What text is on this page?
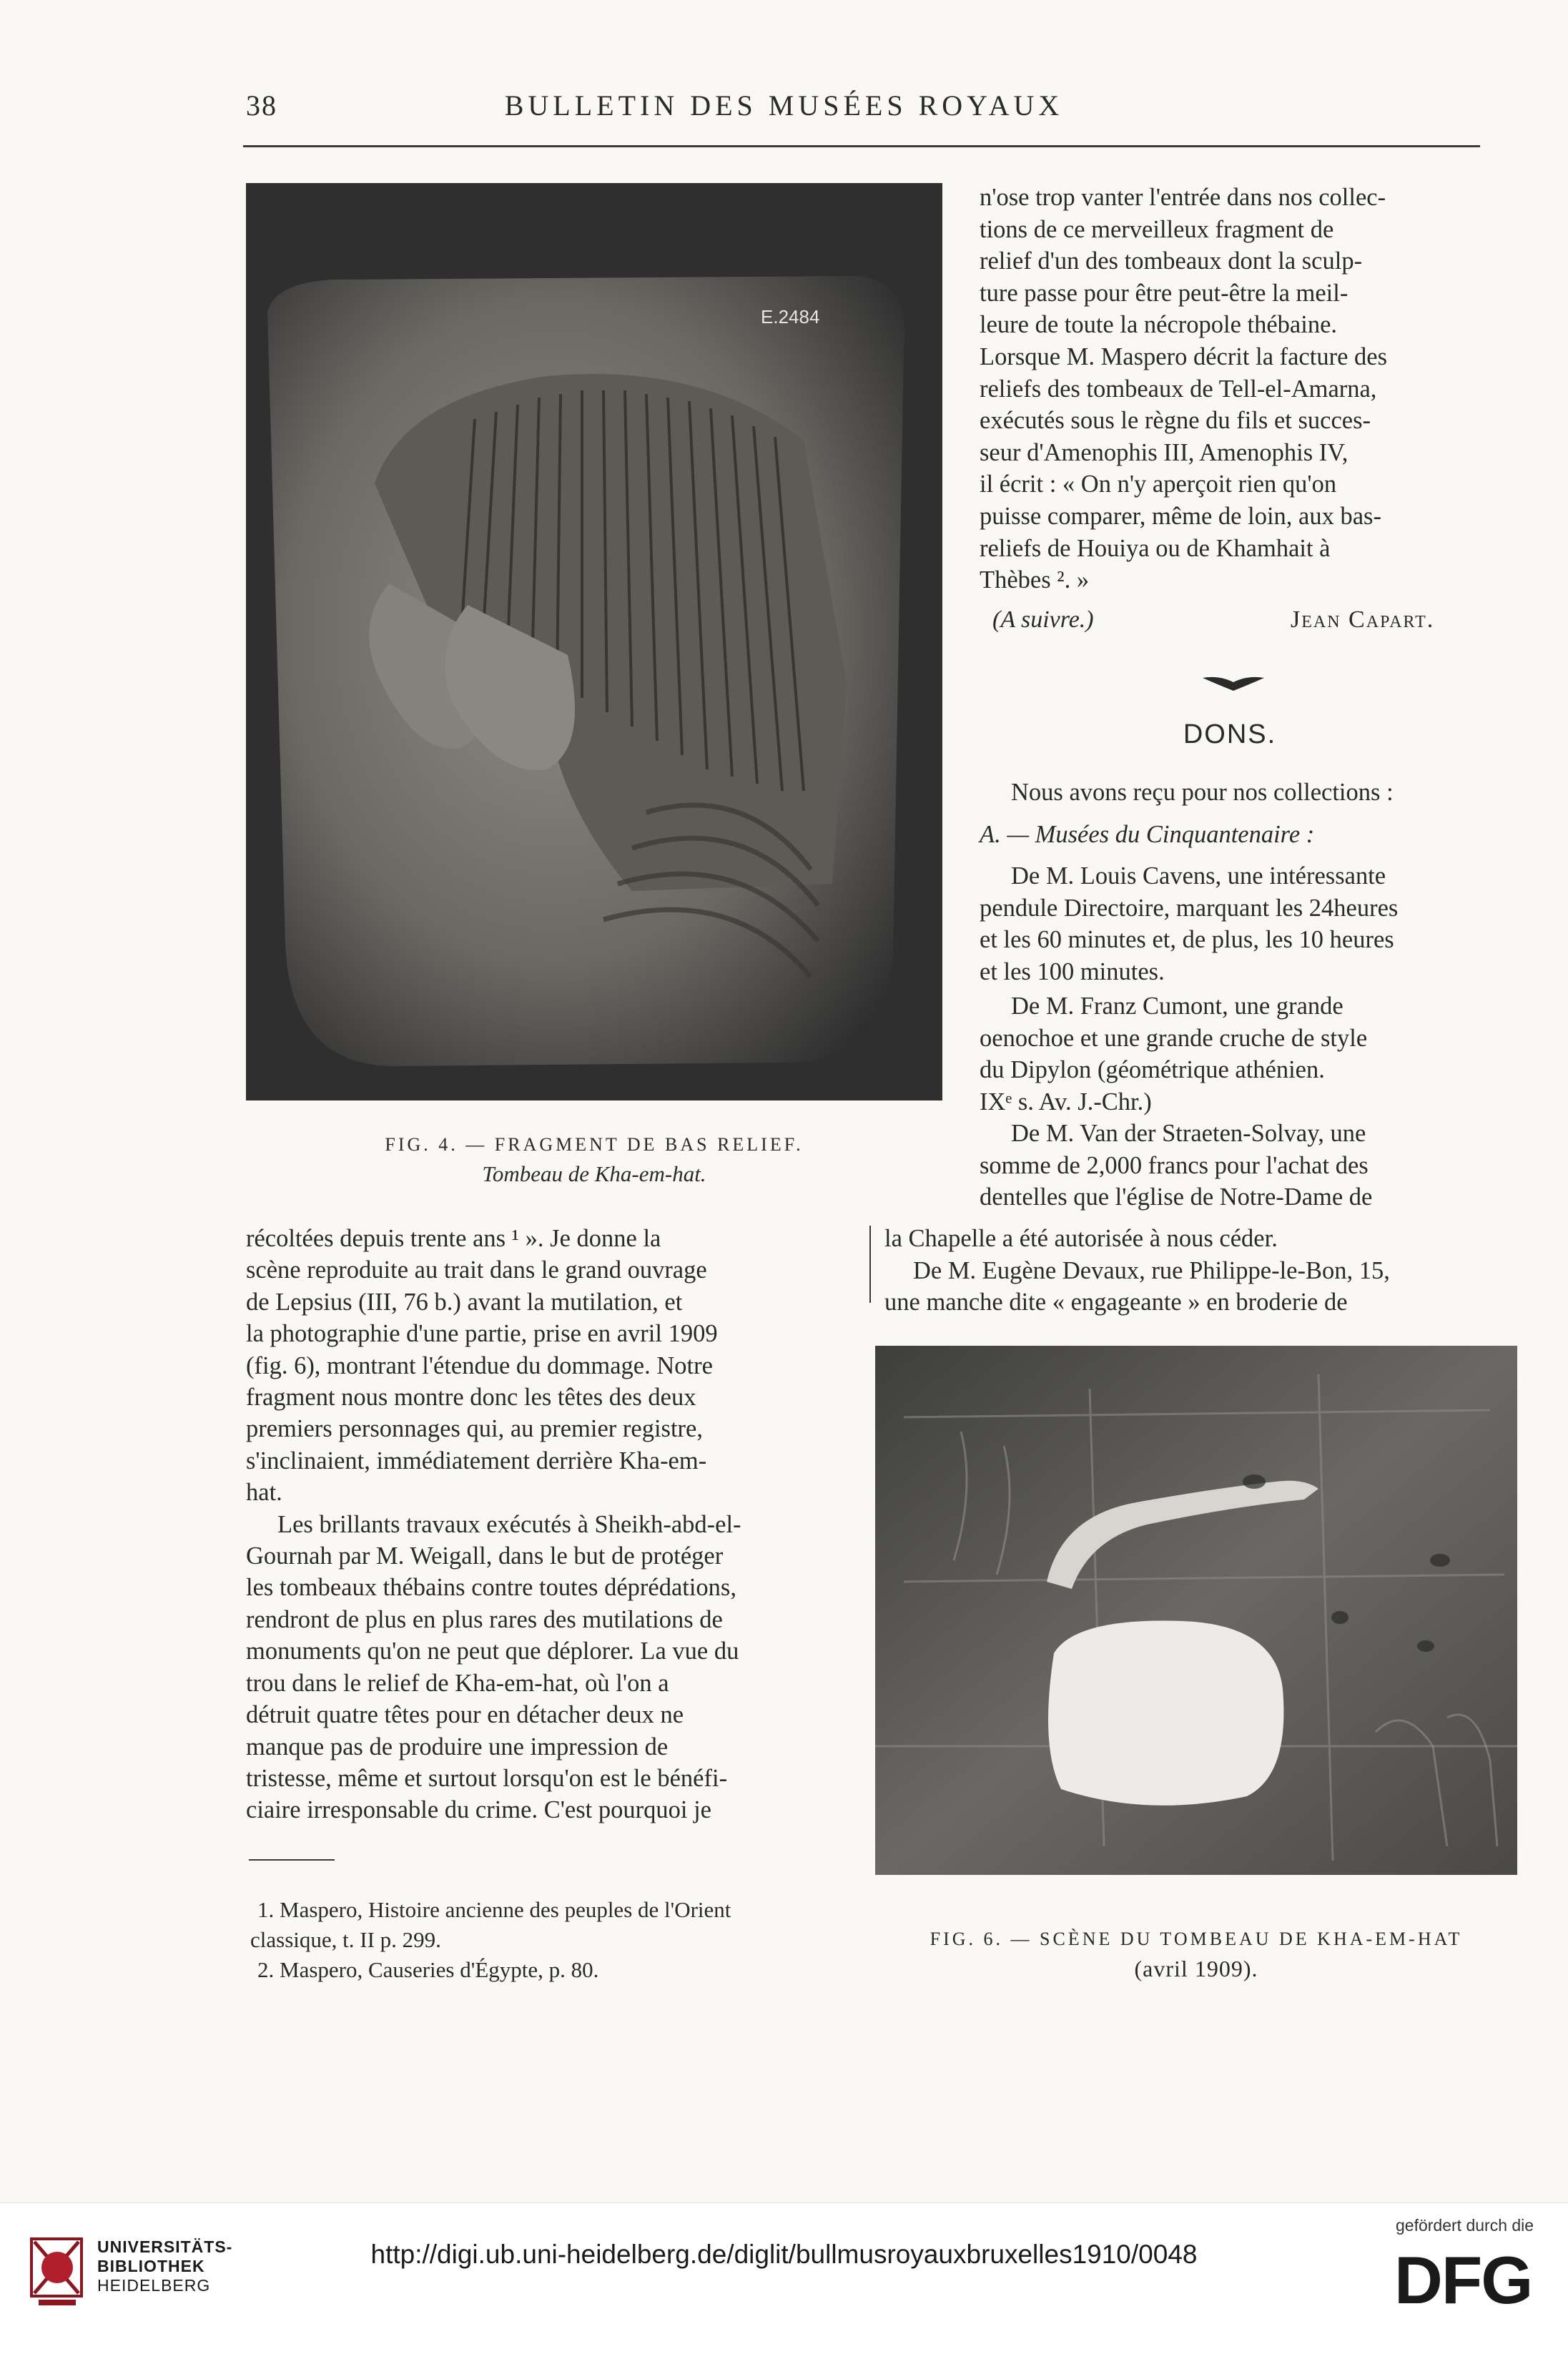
38	BULLETIN DES MUSÉES ROYAUX
E.2484
FIG. 4. — FRAGMENT DE BAS RELIEF.
Tombeau de Kha-em-hat.
n'ose trop vanter l'entrée dans nos collec-
tions de ce merveilleux fragment de
relief d'un des tombeaux dont la sculp-
ture passe pour être peut-être la meil-
leure de toute la nécropole thébaine.
Lorsque M. Maspero décrit la facture des
reliefs des tombeaux de Tell-el-Amarna,
exécutés sous le règne du fils et succes-
seur d'Amenophis III, Amenophis IV,
il écrit : « On n'y aperçoit rien qu'on
puisse comparer, même de loin, aux bas-
reliefs de Houiya ou de Khamhait à
Thèbes ². »
(A suivre.)	Jean Capart.
DONS.
Nous avons reçu pour nos collections :
A. — Musées du Cinquantenaire :
De M. Louis Cavens, une intéressante
pendule Directoire, marquant les 24heures
et les 60 minutes et, de plus, les 10 heures
et les 100 minutes.
De M. Franz Cumont, une grande
oenochoe et une grande cruche de style
du Dipylon (géométrique athénien.
IXᵉ s. Av. J.-Chr.)
De M. Van der Straeten-Solvay, une
somme de 2,000 francs pour l'achat des
dentelles que l'église de Notre-Dame de
la Chapelle a été autorisée à nous céder.
De M. Eugène Devaux, rue Philippe-le-Bon, 15,
une manche dite « engageante » en broderie de
récoltées depuis trente ans ¹ ». Je donne la
scène reproduite au trait dans le grand ouvrage
de Lepsius (III, 76 b.) avant la mutilation, et
la photographie d'une partie, prise en avril 1909
(fig. 6), montrant l'étendue du dommage. Notre
fragment nous montre donc les têtes des deux
premiers personnages qui, au premier registre,
s'inclinaient, immédiatement derrière Kha-em-
hat.
Les brillants travaux exécutés à Sheikh-abd-el-
Gournah par M. Weigall, dans le but de protéger
les tombeaux thébains contre toutes déprédations,
rendront de plus en plus rares des mutilations de
monuments qu'on ne peut que déplorer. La vue du
trou dans le relief de Kha-em-hat, où l'on a
détruit quatre têtes pour en détacher deux ne
manque pas de produire une impression de
tristesse, même et surtout lorsqu'on est le bénéfi-
ciaire irresponsable du crime. C'est pourquoi je
1. Maspero, Histoire ancienne des peuples de l'Orient
classique, t. II p. 299.
2. Maspero, Causeries d'Égypte, p. 80.
FIG. 6. — SCÈNE DU TOMBEAU DE KHA-EM-HAT
(avril 1909).
UNIVERSITÄTS-
BIBLIOTHEK
HEIDELBERG
gefördert durch die
DFG
http://digi.ub.uni-heidelberg.de/diglit/bullmusroyauxbruxelles1910/0048
